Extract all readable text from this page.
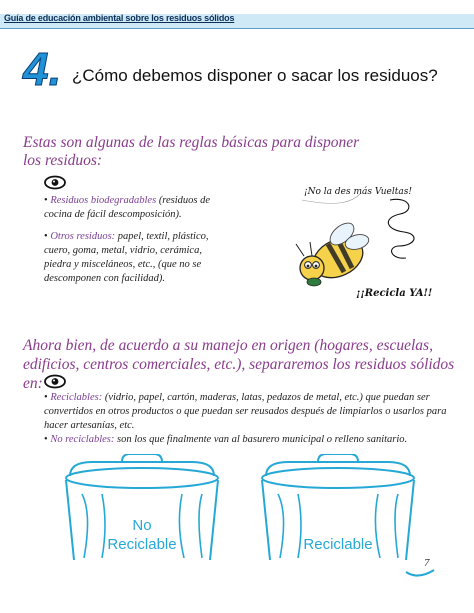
Guía de educación ambiental sobre los residuos sólidos
4. ¿Cómo debemos disponer o sacar los residuos?
Estas son algunas de las reglas básicas para disponer los residuos:
• Residuos biodegradables (residuos de cocina de fácil descomposición).
• Otros residuos: papel, textil, plástico, cuero, goma, metal, vidrio, cerámica, piedra y misceláneos, etc., (que no se descomponen con facilidad).
¡No la des más Vueltas!
¡¡Recicla YA!!
Ahora bien, de acuerdo a su manejo en origen (hogares, escuelas, edificios, centros comerciales, etc.), separaremos los residuos sólidos en:
• Reciclables: (vidrio, papel, cartón, maderas, latas, pedazos de metal, etc.) que puedan ser convertidos en otros productos o que puedan ser reusados después de limpiarlos o usarlos para hacer artesanías, etc.
• No reciclables: son los que finalmente van al basurero municipal o relleno sanitario.
No
Reciclable	Reciclable
7
